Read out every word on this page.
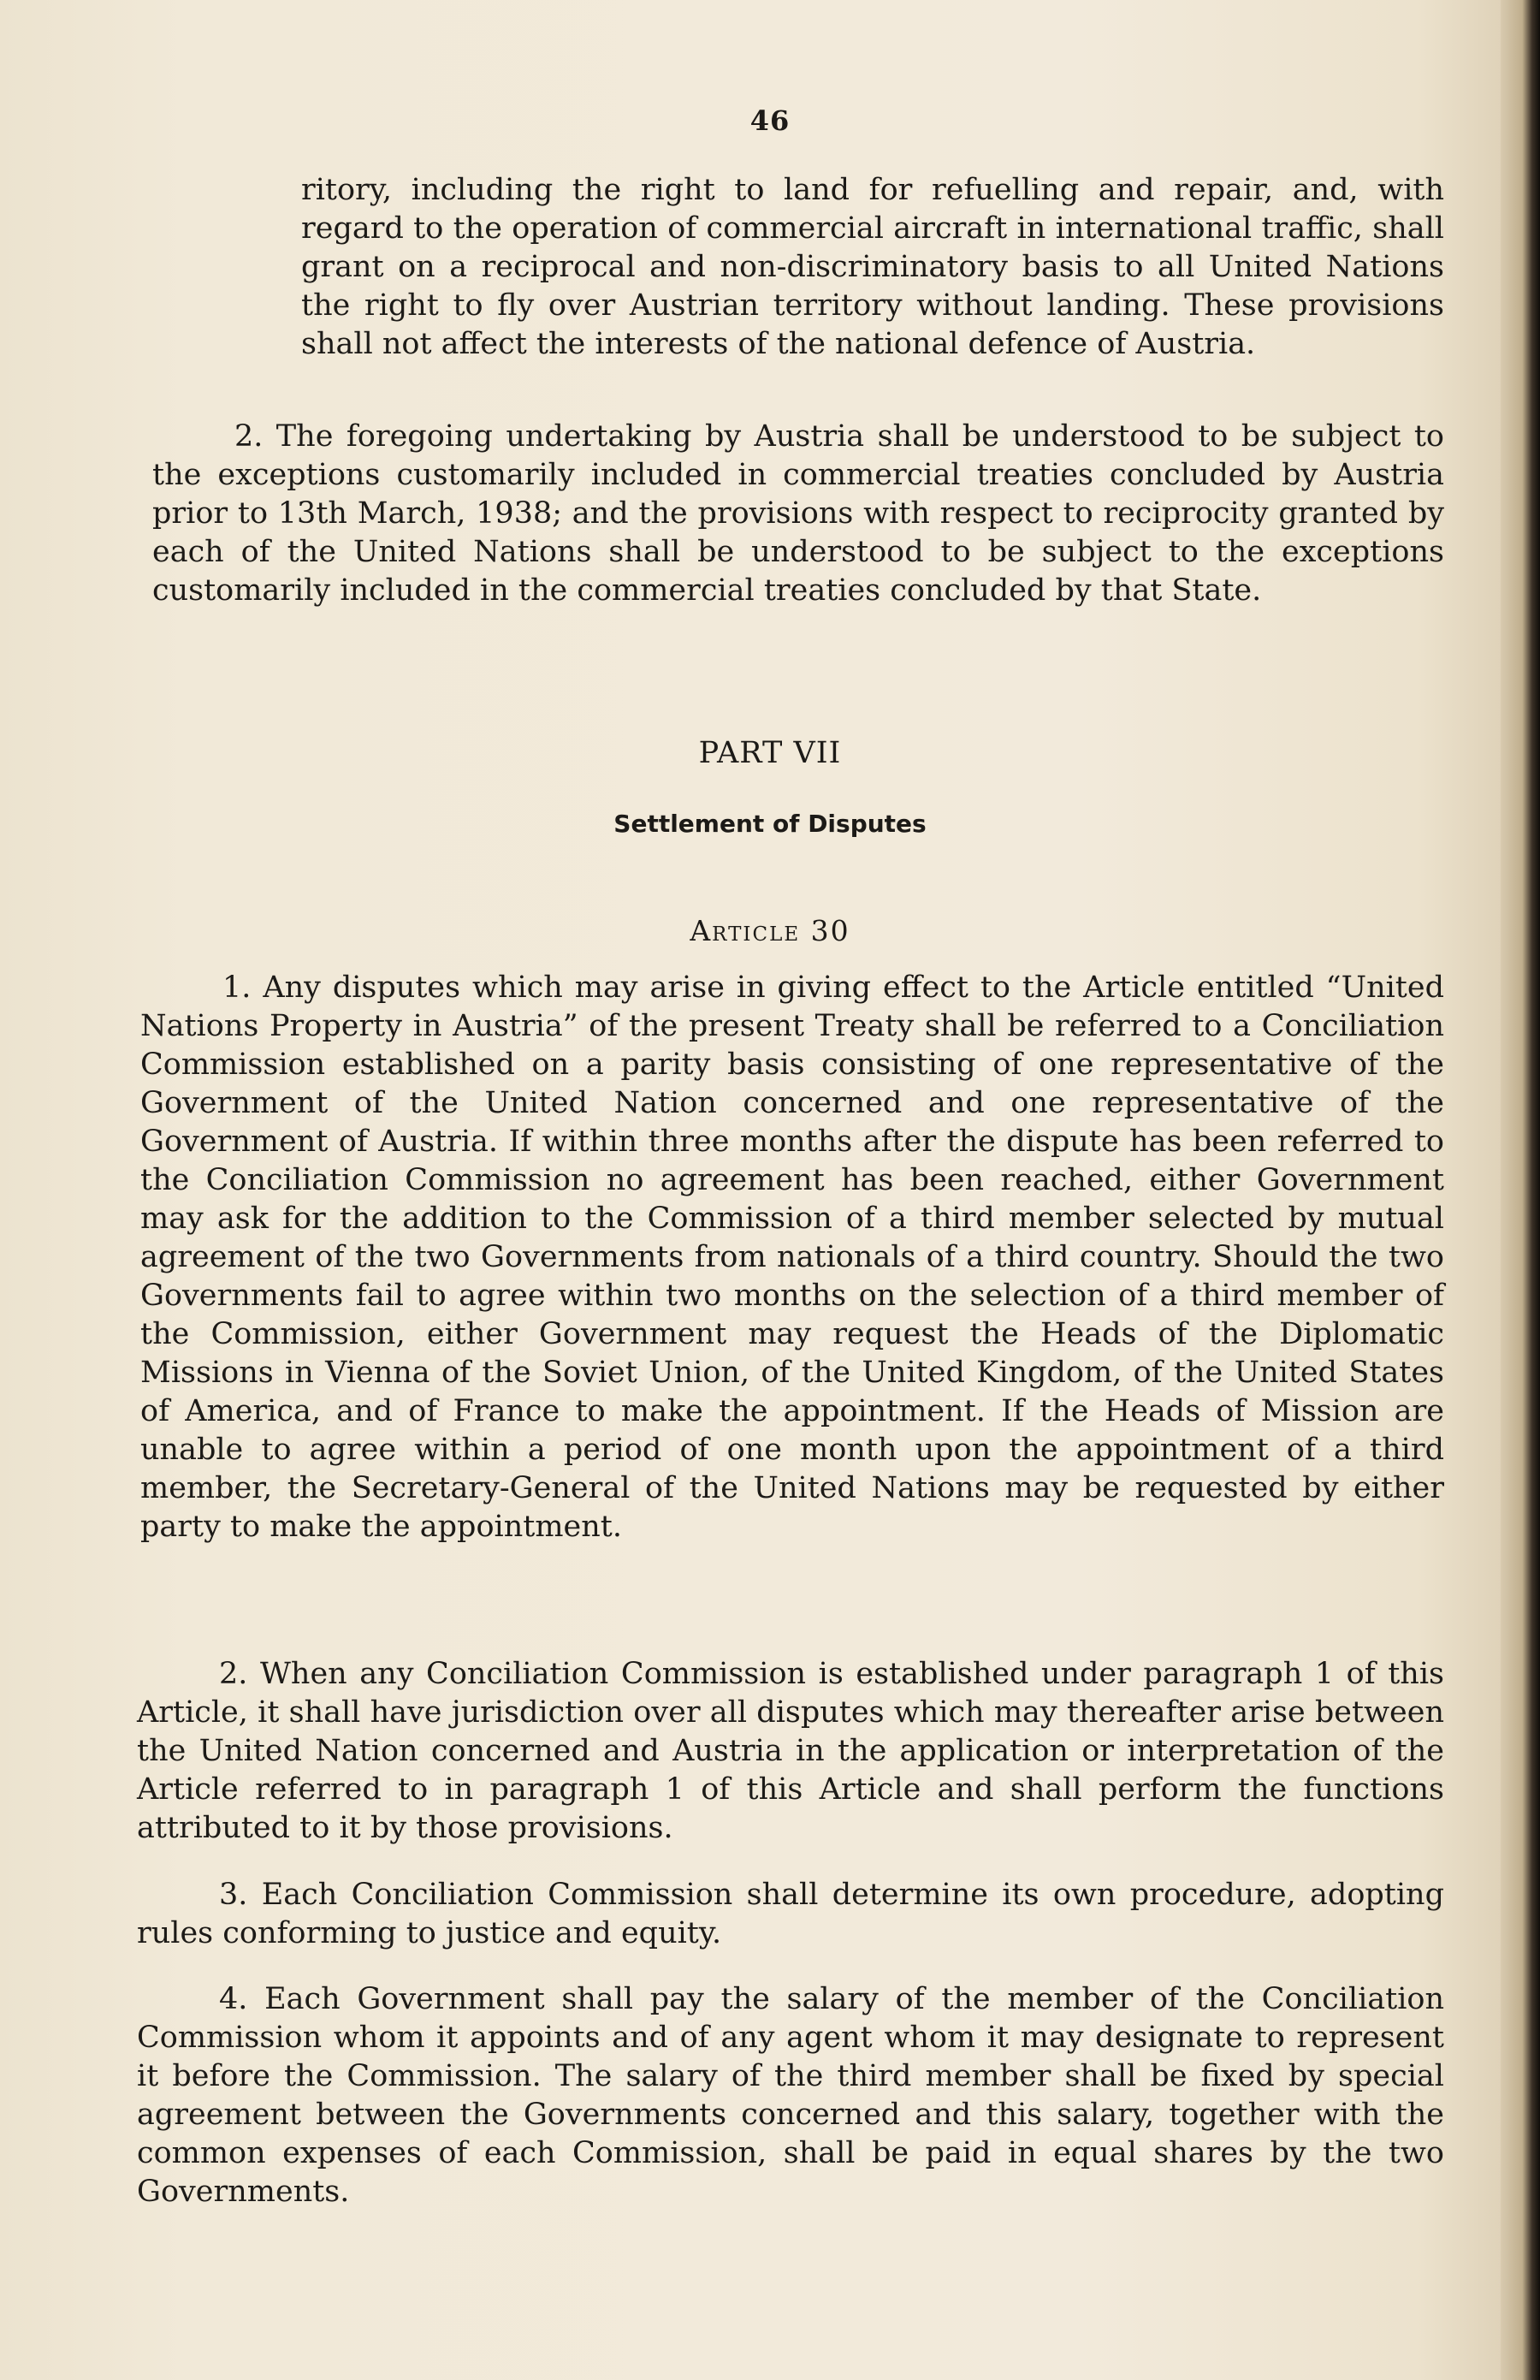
46

ritory, including the right to land for refuelling and repair, and, with regard to the operation of commercial aircraft in international traffic, shall grant on a reciprocal and non-discriminatory basis to all United Nations the right to fly over Austrian territory without landing. These provisions shall not affect the interests of the national defence of Austria.

2. The foregoing undertaking by Austria shall be understood to be subject to the exceptions customarily included in commercial treaties concluded by Austria prior to 13th March, 1938; and the provisions with respect to reciprocity granted by each of the United Nations shall be understood to be subject to the exceptions customarily included in the commercial treaties concluded by that State.

PART VII
Settlement of Disputes
Article 30

1. Any disputes which may arise in giving effect to the Article entitled “United Nations Property in Austria” of the present Treaty shall be referred to a Conciliation Commission established on a parity basis consisting of one representative of the Government of the United Nation concerned and one representative of the Government of Austria. If within three months after the dispute has been referred to the Conciliation Commission no agreement has been reached, either Government may ask for the addition to the Commission of a third member selected by mutual agreement of the two Governments from nationals of a third country. Should the two Governments fail to agree within two months on the selection of a third member of the Commission, either Government may request the Heads of the Diplomatic Missions in Vienna of the Soviet Union, of the United Kingdom, of the United States of America, and of France to make the appointment. If the Heads of Mission are unable to agree within a period of one month upon the appointment of a third member, the Secretary-General of the United Nations may be requested by either party to make the appointment.

2. When any Conciliation Commission is established under paragraph 1 of this Article, it shall have jurisdiction over all disputes which may thereafter arise between the United Nation concerned and Austria in the application or interpretation of the Article referred to in paragraph 1 of this Article and shall perform the functions attributed to it by those provisions.

3. Each Conciliation Commission shall determine its own procedure, adopting rules conforming to justice and equity.

4. Each Government shall pay the salary of the member of the Conciliation Commission whom it appoints and of any agent whom it may designate to represent it before the Commission. The salary of the third member shall be fixed by special agreement between the Governments concerned and this salary, together with the common expenses of each Commission, shall be paid in equal shares by the two Governments.
